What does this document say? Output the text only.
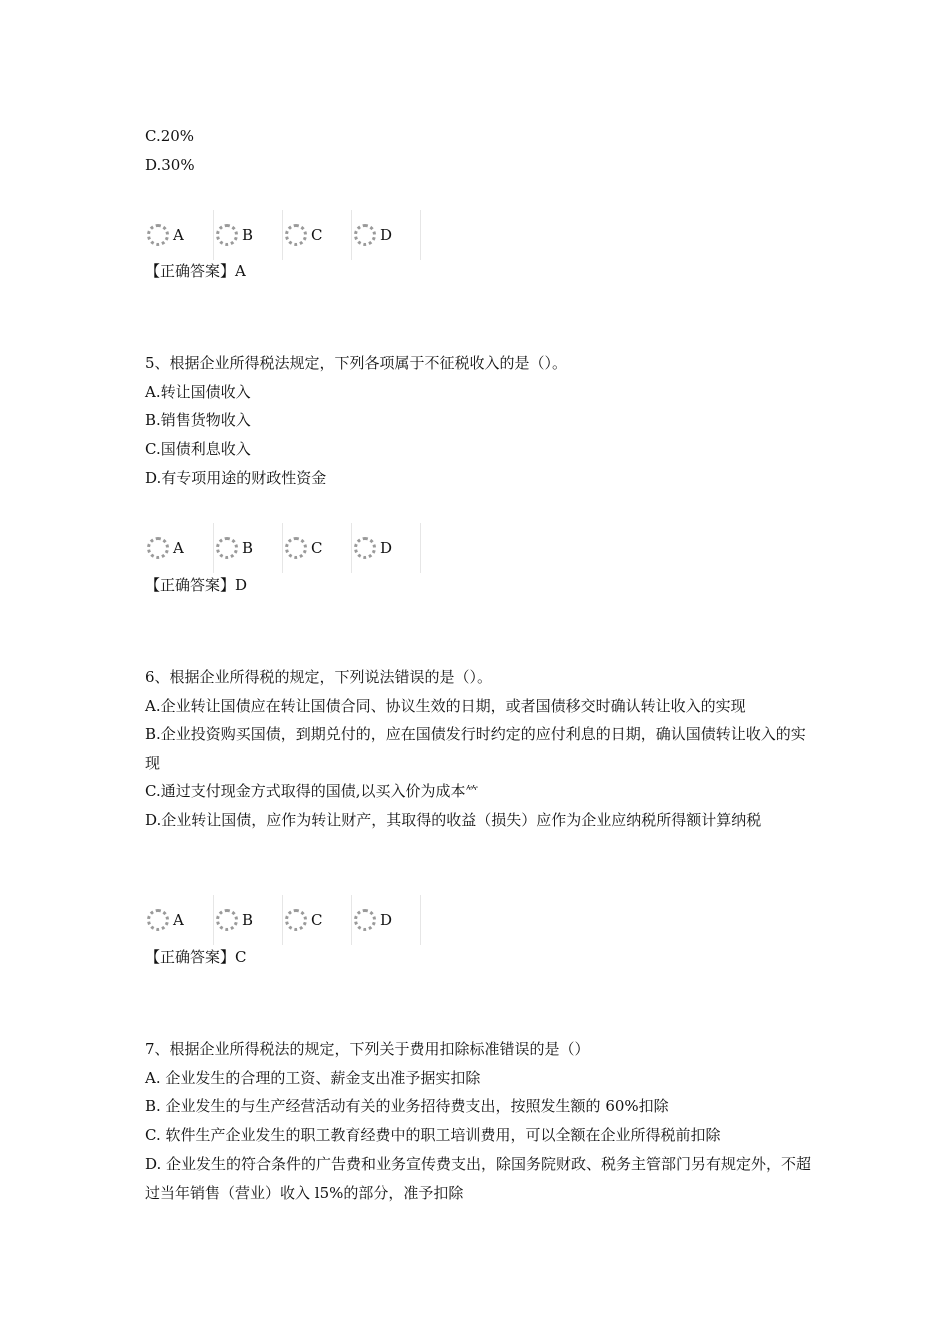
C.20%
D.30%
A	B	C	D
【正确答案】A
5、根据企业所得税法规定，下列各项属于不征税收入的是（）。
A.转让国债收入
B.销售货物收入
C.国债利息收入
D.有专项用途的财政性资金
A	B	C	D
【正确答案】D
6、根据企业所得税的规定，下列说法错误的是（）。
A.企业转让国债应在转让国债合同、协议生效的日期，或者国债移交时确认转让收入的实现
B.企业投资购买国债，到期兑付的，应在国债发行时约定的应付利息的日期，确认国债转让收入的实现
C.通过支付现金方式取得的国债,以买入价为成本𥫗
D.企业转让国债，应作为转让财产，其取得的收益（损失）应作为企业应纳税所得额计算纳税
A	B	C	D
【正确答案】C
7、根据企业所得税法的规定，下列关于费用扣除标准错误的是（）
A. 企业发生的合理的工资、薪金支出准予据实扣除
B. 企业发生的与生产经营活动有关的业务招待费支出，按照发生额的 60%扣除
C. 软件生产企业发生的职工教育经费中的职工培训费用，可以全额在企业所得税前扣除
D. 企业发生的符合条件的广告费和业务宣传费支出，除国务院财政、税务主管部门另有规定外，不超过当年销售（营业）收入 l5%的部分，准予扣除
